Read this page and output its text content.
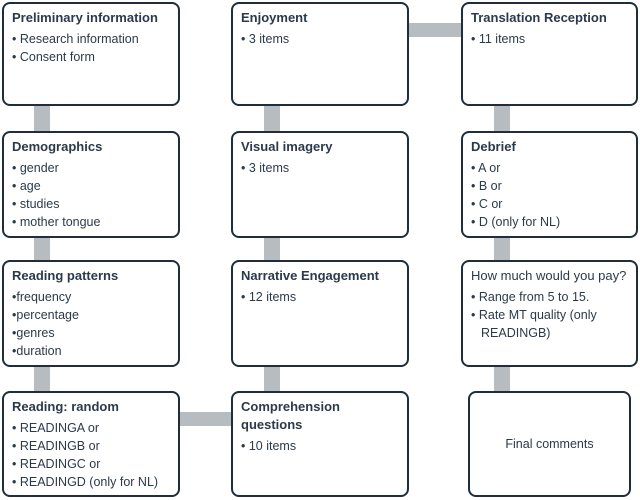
Preliminary information
• Research information
• Consent form
Demographics
• gender
• age
• studies
• mother tongue
Reading patterns
•frequency
•percentage
•genres
•duration
Reading: random
• READINGA or
• READINGB or
• READINGC or
• READINGD (only for NL)
Enjoyment
• 3 items
Visual imagery
• 3 items
Narrative Engagement
• 12 items
Comprehension questions
• 10 items
Translation Reception
• 11 items
Debrief
• A or
• B or
• C or
• D (only for NL)
How much would you pay?
• Range from 5 to 15.
• Rate MT quality (only
READINGB)
Final comments
